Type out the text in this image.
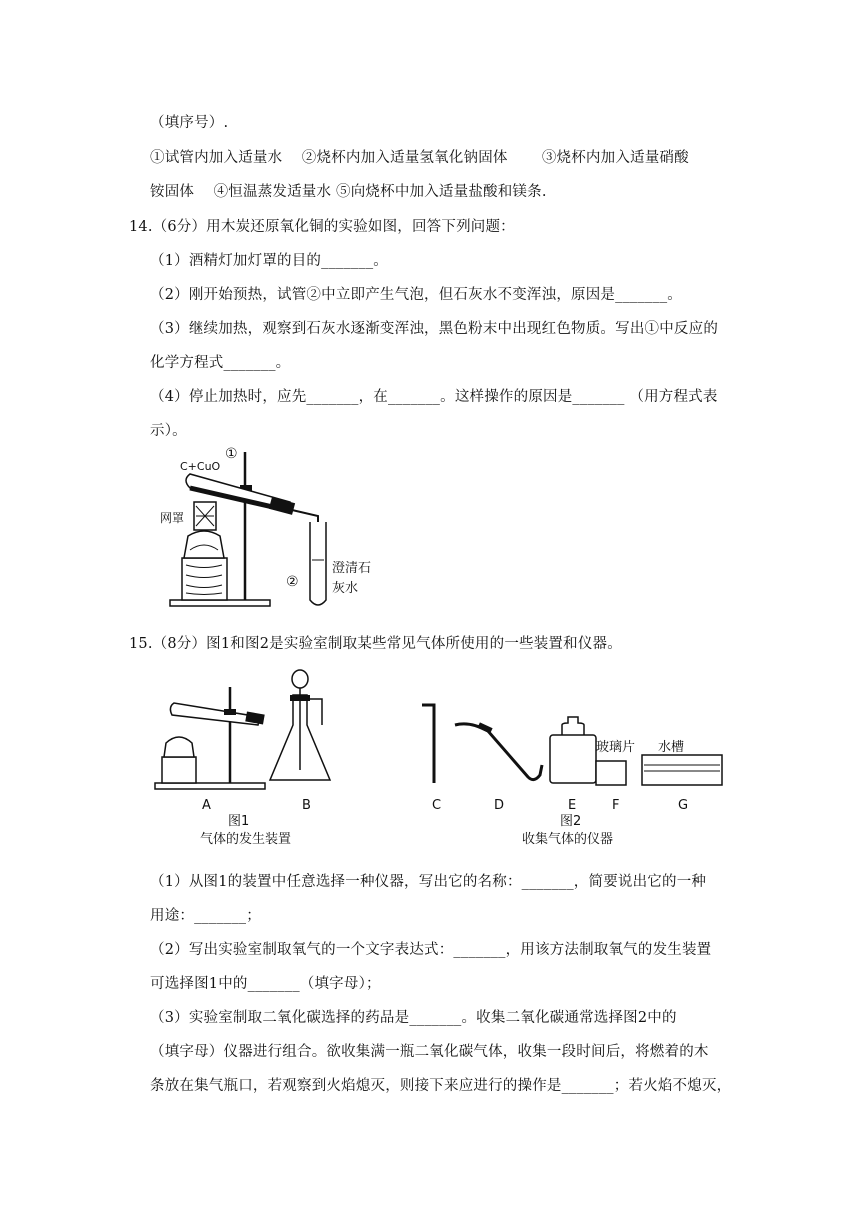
（填序号）.
①试管内加入适量水　 ②烧杯内加入适量氢氧化钠固体　　 ③烧杯内加入适量硝酸
铵固体　 ④恒温蒸发适量水 ⑤向烧杯中加入适量盐酸和镁条.
14.（6分）用木炭还原氧化铜的实验如图，回答下列问题：
（1）酒精灯加灯罩的目的_______。
（2）刚开始预热，试管②中立即产生气泡，但石灰水不变浑浊，原因是_______。
（3）继续加热，观察到石灰水逐渐变浑浊，黑色粉末中出现红色物质。写出①中反应的
化学方程式_______。
（4）停止加热时，应先_______，在_______。这样操作的原因是_______ （用方程式表
示）。
C+CuO
①
网罩
②
澄清石
灰水
15.（8分）图1和图2是实验室制取某些常见气体所使用的一些装置和仪器。
A	B	C	D	E	F	G
玻璃片 水槽
图1
气体的发生装置
图2
收集气体的仪器
（1）从图1的装置中任意选择一种仪器，写出它的名称：_______，简要说出它的一种
用途：_______；
（2）写出实验室制取氧气的一个文字表达式：_______，用该方法制取氧气的发生装置
可选择图1中的_______（填字母）；
（3）实验室制取二氧化碳选择的药品是_______。收集二氧化碳通常选择图2中的
（填字母）仪器进行组合。欲收集满一瓶二氧化碳气体，收集一段时间后，将燃着的木
条放在集气瓶口，若观察到火焰熄灭，则接下来应进行的操作是_______；若火焰不熄灭，
